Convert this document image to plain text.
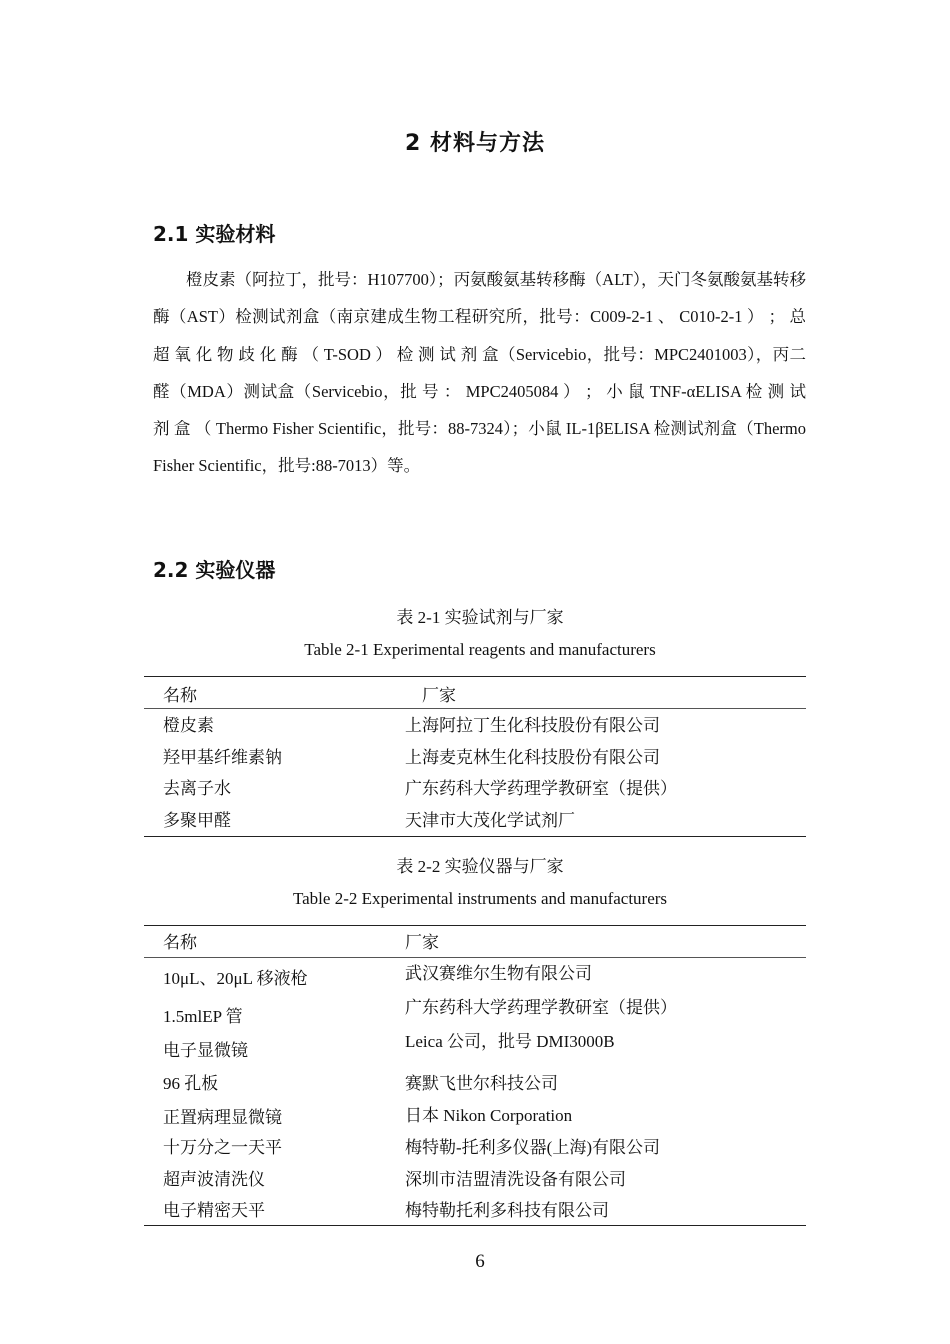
2 材料与方法
2.1 实验材料

橙皮素（阿拉丁，批号：H107700）；丙氨酸氨基转移酶（ALT），天门冬氨酸氨基转移酶（AST）检测试剂盒（南京建成生物工程研究所，批号：C009-2-1 、 C010-2-1 ） ； 总 超 氧 化 物 歧 化 酶 （ T-SOD ） 检 测 试 剂 盒（Servicebio，批号：MPC2401003），丙二醛（MDA）测试盒（Servicebio，批 号 ： MPC2405084 ） ； 小 鼠 TNF-αELISA 检 测 试 剂 盒 （ Thermo Fisher Scientific，批号：88-7324）；小鼠 IL-1βELISA 检测试剂盒（Thermo Fisher Scientific，批号:88-7013）等。

2.2 实验仪器
表 2-1 实验试剂与厂家
Table 2-1 Experimental reagents and manufacturers
名称	厂家
橙皮素	上海阿拉丁生化科技股份有限公司
羟甲基纤维素钠	上海麦克林生化科技股份有限公司
去离子水	广东药科大学药理学教研室（提供）
多聚甲醛	天津市大茂化学试剂厂
表 2-2 实验仪器与厂家
Table 2-2 Experimental instruments and manufacturers
名称	厂家
10μL、20μL 移液枪	武汉赛维尔生物有限公司
1.5mlEP 管	广东药科大学药理学教研室（提供）
电子显微镜	Leica 公司，批号 DMI3000B
96 孔板	赛默飞世尔科技公司
正置病理显微镜	日本 Nikon Corporation
十万分之一天平	梅特勒-托利多仪器(上海)有限公司
超声波清洗仪	深圳市洁盟清洗设备有限公司
电子精密天平	梅特勒托利多科技有限公司
6
